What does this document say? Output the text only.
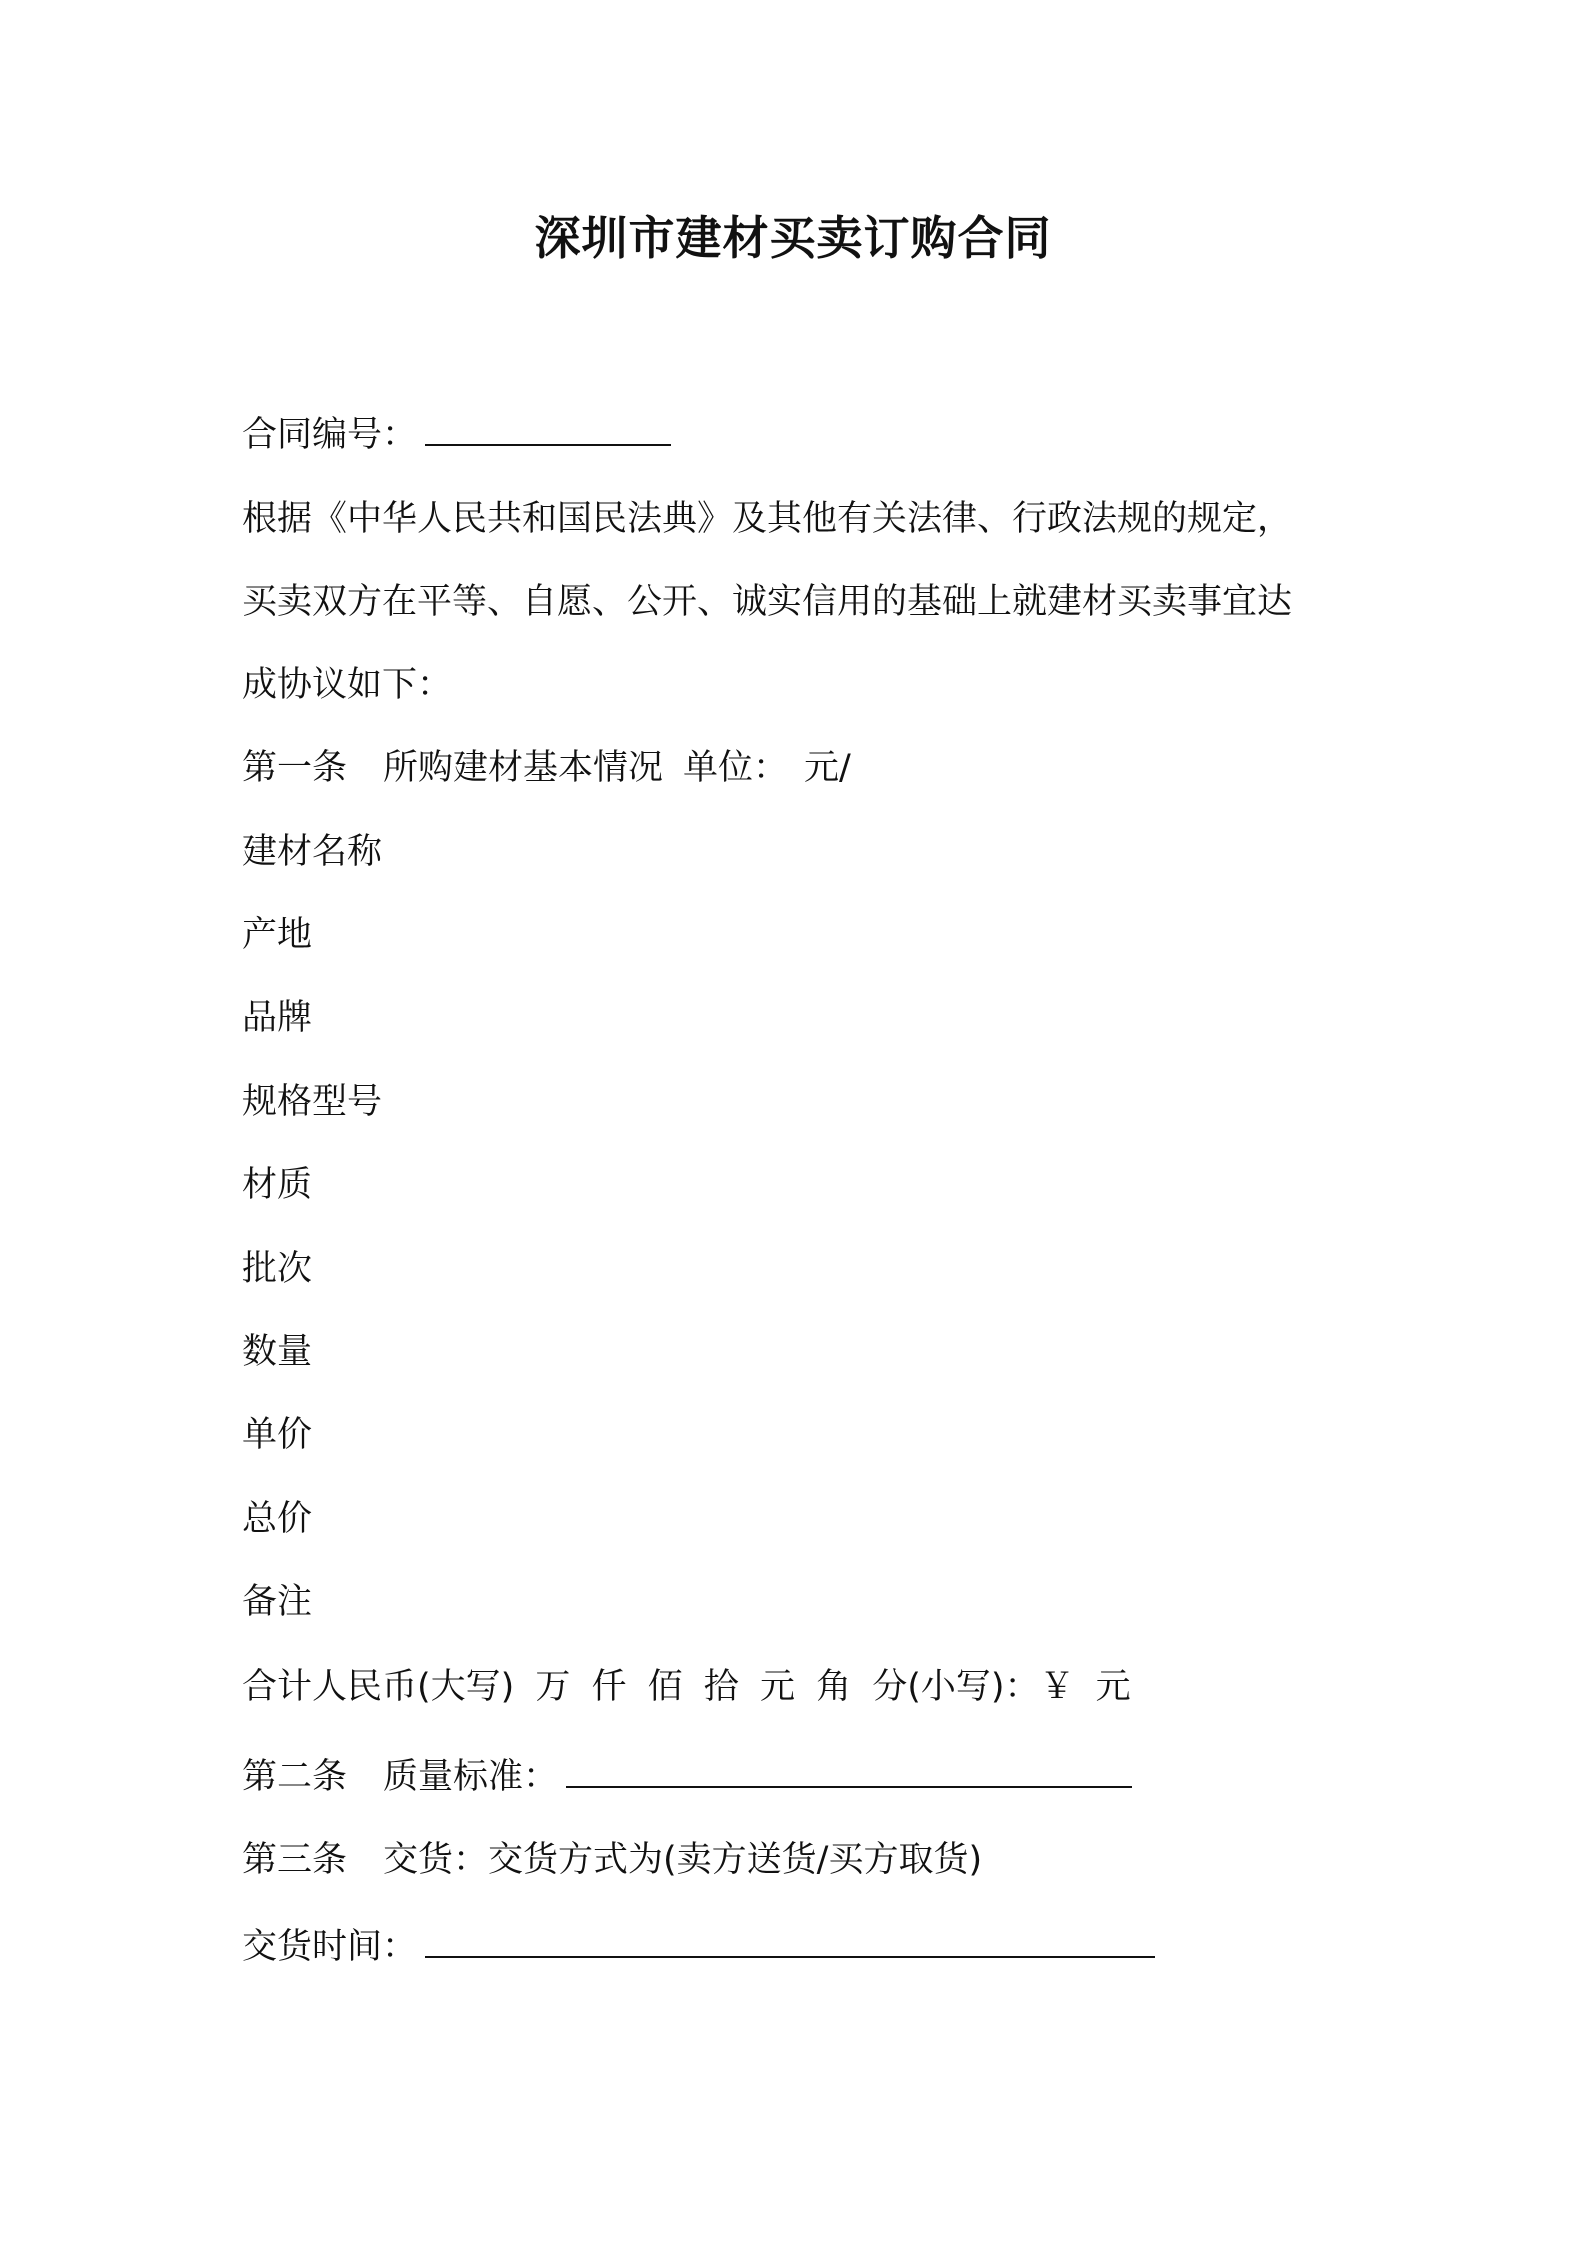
深圳市建材买卖订购合同
合同编号：
根据《中华人民共和国民法典》及其他有关法律、行政法规的规定，
买卖双方在平等、自愿、公开、诚实信用的基础上就建材买卖事宜达
成协议如下：
第一条 所购建材基本情况 单位： 元/
建材名称
产地
品牌
规格型号
材质
批次
数量
单价
总价
备注
合计人民币(大写) 万 仟 佰 拾 元 角 分(小写)：￥ 元
第二条 质量标准：
第三条 交货：交货方式为(卖方送货/买方取货)
交货时间：
